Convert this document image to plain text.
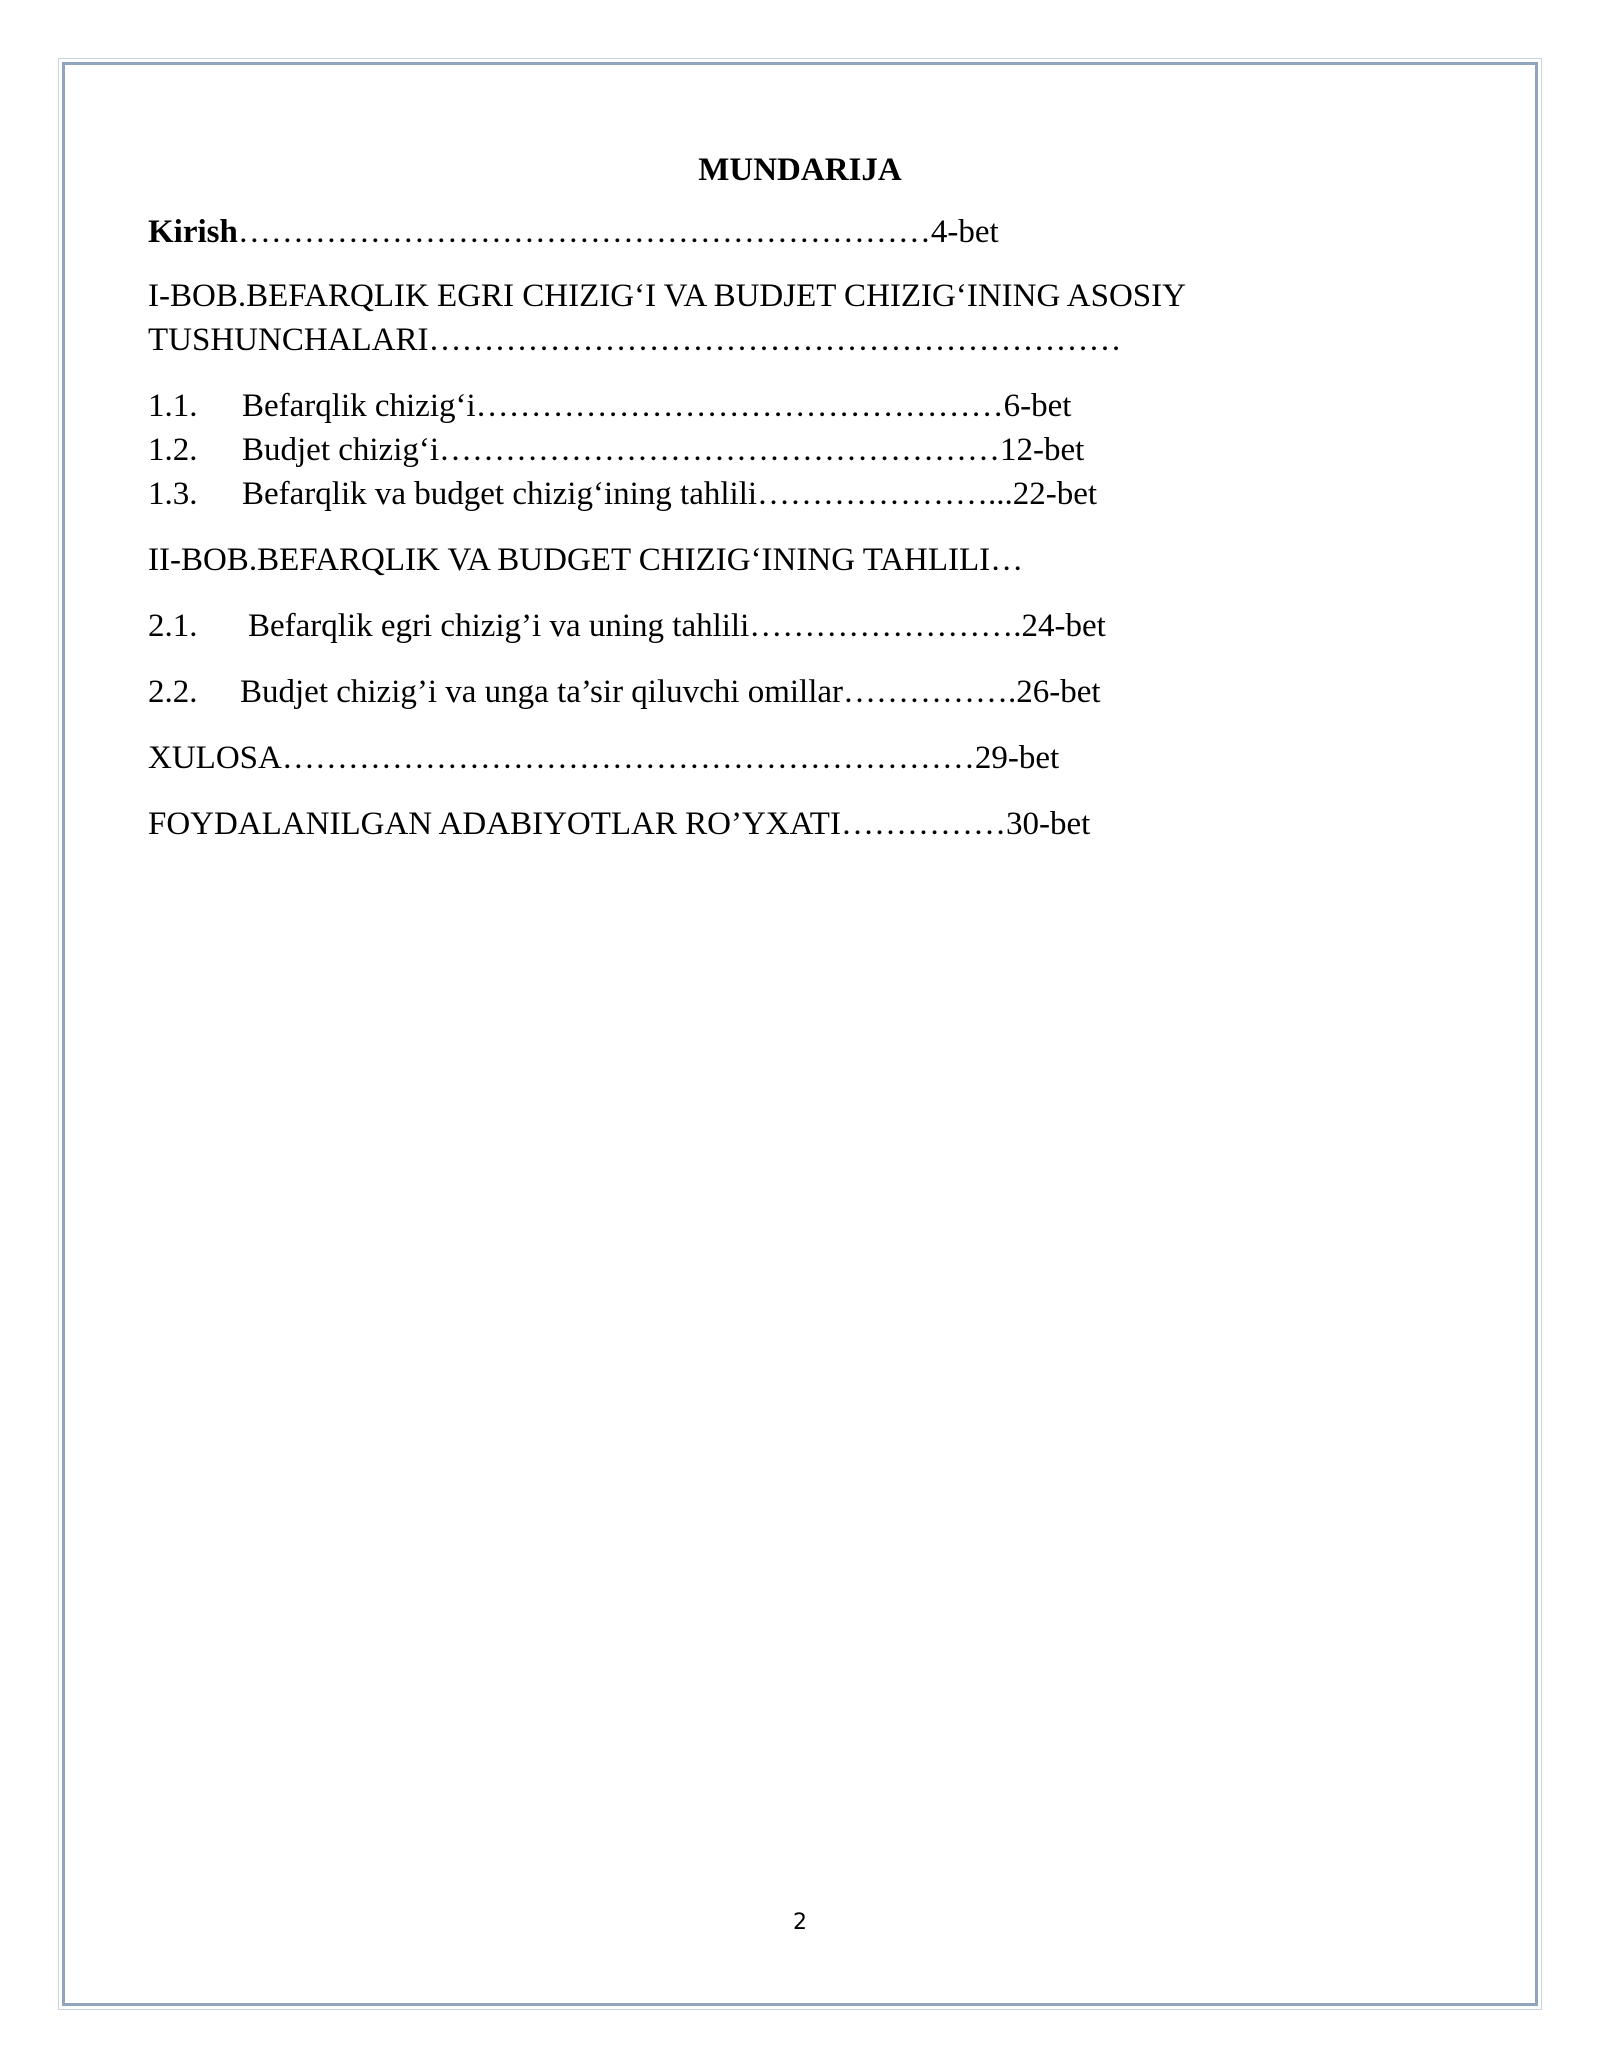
MUNDARIJA
Kirish………………………………………………………4-bet
I-BOB.BEFARQLIK EGRI CHIZIG‘I VA BUDJET CHIZIG‘INING ASOSIY
TUSHUNCHALARI………………………………………………………
1.1. Befarqlik chizig‘i…………………………………………6-bet
1.2. Budjet chizig‘i……………………………………………12-bet
1.3. Befarqlik va budget chizig‘ining tahlili…………………...22-bet
II-BOB.BEFARQLIK VA BUDGET CHIZIG‘INING TAHLILI…
2.1. Befarqlik egri chizig’i va uning tahlili…………………….24-bet
2.2. Budjet chizig’i va unga ta’sir qiluvchi omillar…………….26-bet
XULOSA………………………………………………………29-bet
FOYDALANILGAN ADABIYOTLAR RO’YXATI……………30-bet
2
